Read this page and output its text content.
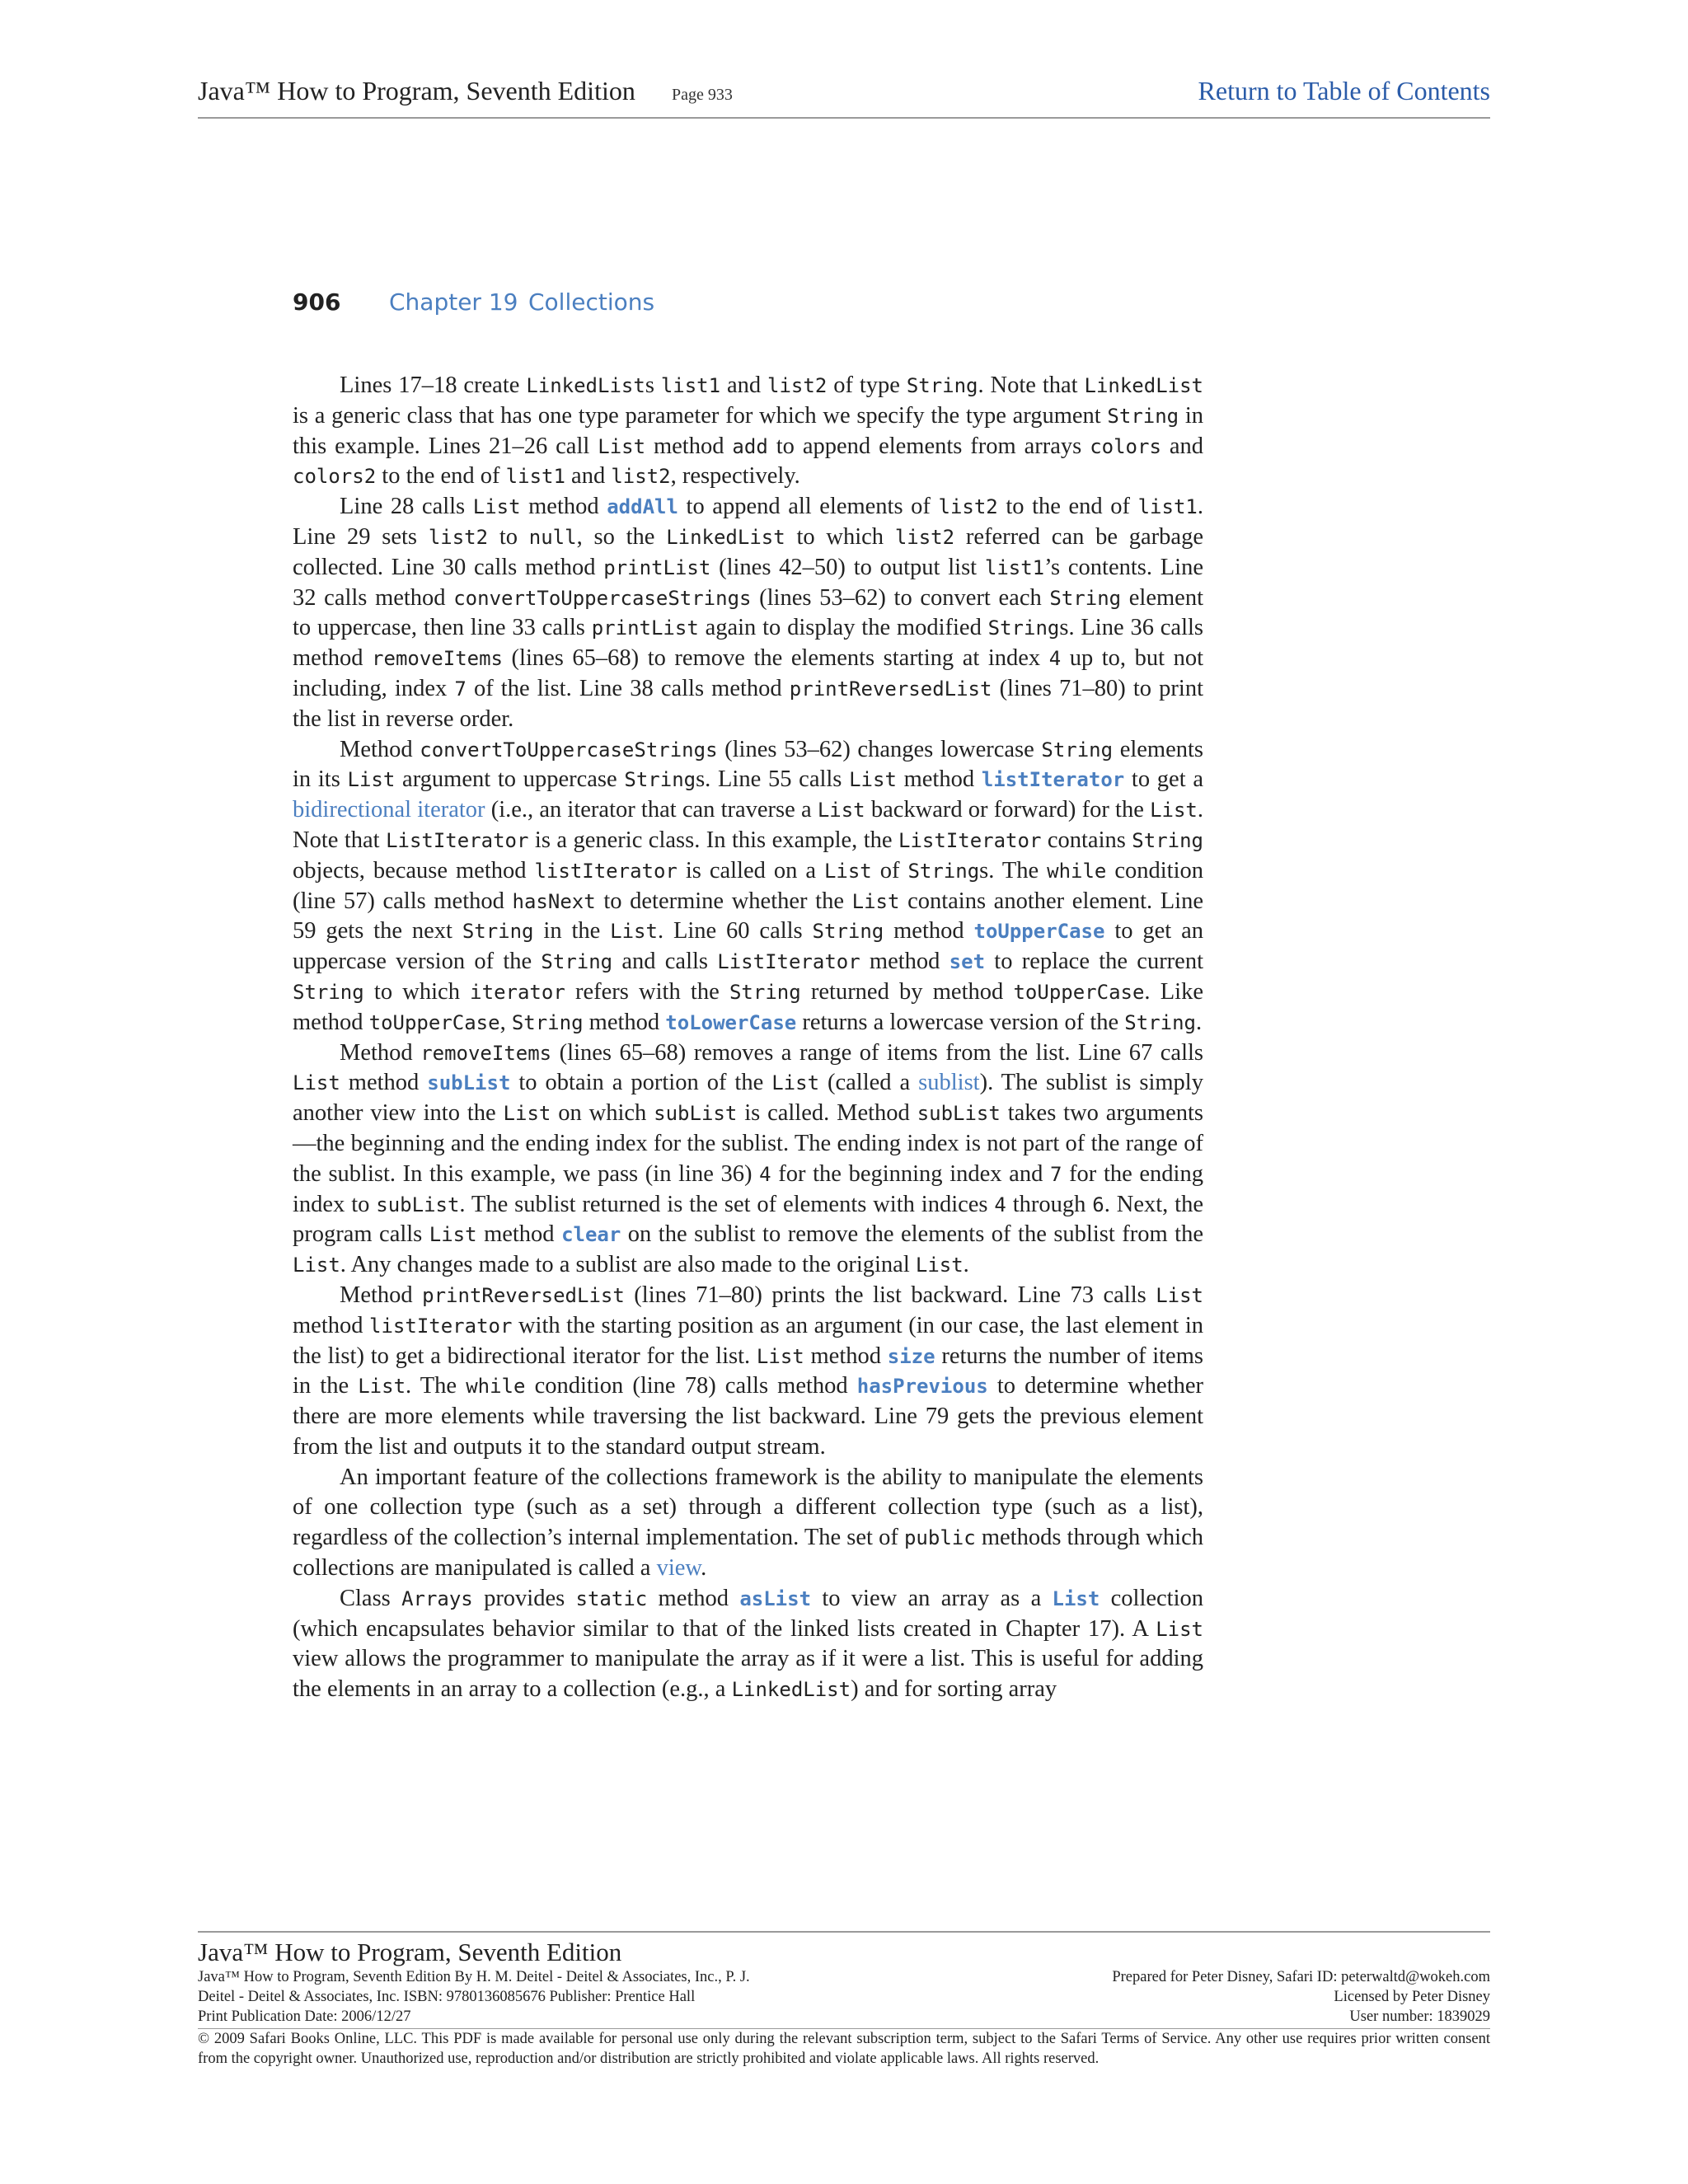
Java™ How to Program, Seventh Edition Page 933	Return to Table of Contents
906 Chapter 19 Collections

Lines 17–18 create LinkedLists list1 and list2 of type String. Note that LinkedList is a generic class that has one type parameter for which we specify the type argument String in this example. Lines 21–26 call List method add to append elements from arrays colors and colors2 to the end of list1 and list2, respectively.

Line 28 calls List method addAll to append all elements of list2 to the end of list1. Line 29 sets list2 to null, so the LinkedList to which list2 referred can be garbage collected. Line 30 calls method printList (lines 42–50) to output list list1’s contents. Line 32 calls method convertToUppercaseStrings (lines 53–62) to convert each String element to uppercase, then line 33 calls printList again to display the modified Strings. Line 36 calls method removeItems (lines 65–68) to remove the elements starting at index 4 up to, but not including, index 7 of the list. Line 38 calls method printReversedList (lines 71–80) to print the list in reverse order.

Method convertToUppercaseStrings (lines 53–62) changes lowercase String elements in its List argument to uppercase Strings. Line 55 calls List method listIterator to get a bidirectional iterator (i.e., an iterator that can traverse a List backward or forward) for the List. Note that ListIterator is a generic class. In this example, the ListIterator contains String objects, because method listIterator is called on a List of Strings. The while condition (line 57) calls method hasNext to determine whether the List contains another element. Line 59 gets the next String in the List. Line 60 calls String method toUpperCase to get an uppercase version of the String and calls ListIterator method set to replace the current String to which iterator refers with the String returned by method toUpperCase. Like method toUpperCase, String method toLowerCase returns a lowercase version of the String.

Method removeItems (lines 65–68) removes a range of items from the list. Line 67 calls List method subList to obtain a portion of the List (called a sublist). The sublist is simply another view into the List on which subList is called. Method subList takes two arguments—the beginning and the ending index for the sublist. The ending index is not part of the range of the sublist. In this example, we pass (in line 36) 4 for the beginning index and 7 for the ending index to subList. The sublist returned is the set of elements with indices 4 through 6. Next, the program calls List method clear on the sublist to remove the elements of the sublist from the List. Any changes made to a sublist are also made to the original List.

Method printReversedList (lines 71–80) prints the list backward. Line 73 calls List method listIterator with the starting position as an argument (in our case, the last element in the list) to get a bidirectional iterator for the list. List method size returns the number of items in the List. The while condition (line 78) calls method hasPrevious to determine whether there are more elements while traversing the list backward. Line 79 gets the previous element from the list and outputs it to the standard output stream.

An important feature of the collections framework is the ability to manipulate the elements of one collection type (such as a set) through a different collection type (such as a list), regardless of the collection’s internal implementation. The set of public methods through which collections are manipulated is called a view.

Class Arrays provides static method asList to view an array as a List collection (which encapsulates behavior similar to that of the linked lists created in Chapter 17). A List view allows the programmer to manipulate the array as if it were a list. This is useful for adding the elements in an array to a collection (e.g., a LinkedList) and for sorting array

Java™ How to Program, Seventh Edition
Java™ How to Program, Seventh Edition By H. M. Deitel - Deitel & Associates, Inc., P. J.	Prepared for Peter Disney, Safari ID: peterwaltd@wokeh.com
Deitel - Deitel & Associates, Inc. ISBN: 9780136085676 Publisher: Prentice Hall	Licensed by Peter Disney
Print Publication Date: 2006/12/27	User number: 1839029
© 2009 Safari Books Online, LLC. This PDF is made available for personal use only during the relevant subscription term, subject to the Safari Terms of Service. Any other use requires prior written consent from the copyright owner. Unauthorized use, reproduction and/or distribution are strictly prohibited and violate applicable laws. All rights reserved.
